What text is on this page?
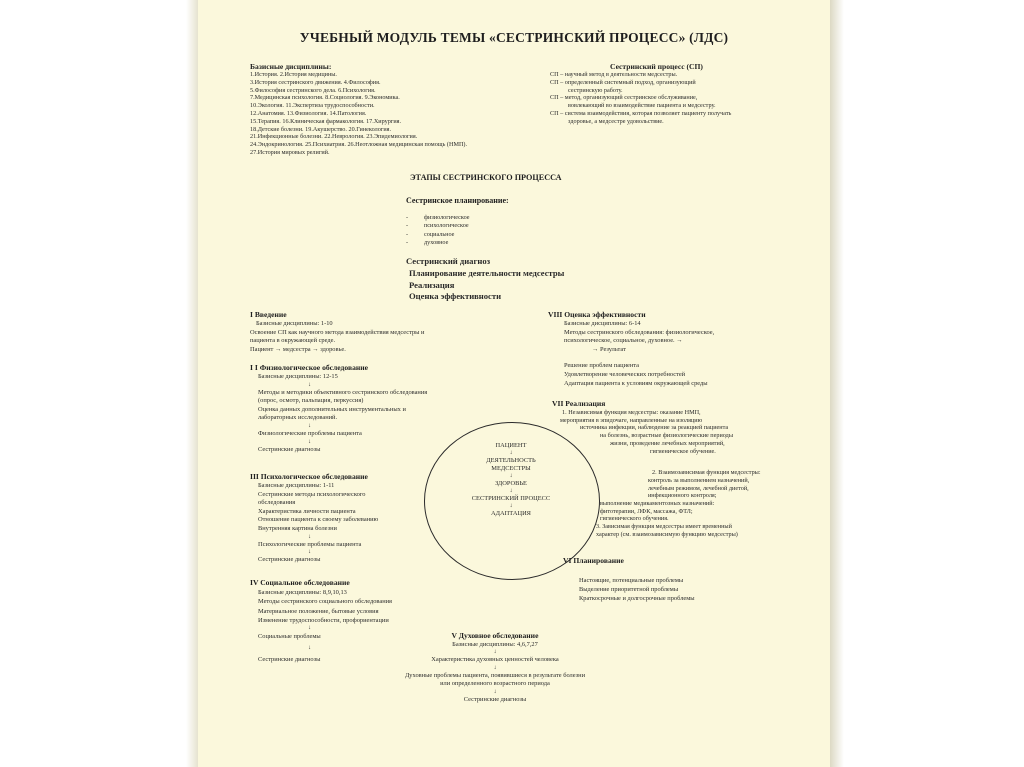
УЧЕБНЫЙ МОДУЛЬ ТЕМЫ «СЕСТРИНСКИЙ ПРОЦЕСС» (ЛДС)
Базисные дисциплины:
1.История. 2.История медицины.
3.История сестринского движения. 4.Философия.
5.Философия сестринского дела. 6.Психология.
7.Медицинская психология. 8.Социология. 9.Экономика.
10.Экология. 11.Экспертиза трудоспособности.
12.Анатомия. 13.Физиология. 14.Патология.
15.Терапия. 16.Клиническая фармакология. 17.Хирургия.
18.Детские болезни. 19.Акушерство. 20.Гинекология.
21.Инфекционные болезни. 22.Неврология. 23.Эпидемиология.
24.Эндокринология. 25.Психиатрия. 26.Неотложная медицинская помощь (НМП).
27.История мировых религий.
Сестринский процесс (СП)
СП – научный метод в деятельности медсестры.
СП – определенный системный подход, организующий
сестринскую работу.
СП – метод, организующий сестринское обслуживание,
вовлекающий во взаимодействие пациента и медсестру.
СП – система взаимодействия, которая позволяет пациенту получать
здоровье, а медсестре удовольствие.
ЭТАПЫ СЕСТРИНСКОГО ПРОЦЕССА
Сестринское планирование:
-	физиологическое
-	психологическое
-	социальное
-	духовное
Сестринский диагноз
Планирование деятельности медсестры
Реализация
Оценка эффективности
I Введение
Базисные дисциплины: 1-10
Освоение СП как научного метода взаимодействия медсестры и
пациента в окружающей среде.
Пациент → медсестра → здоровье.
I I Физиологическое обследование
Базисные дисциплины: 12-15
↓
Методы и методики объективного сестринского обследования
(опрос, осмотр, пальпация, перкуссия)
Оценка данных дополнительных инструментальных и
лабораторных исследований.
↓
Физиологические проблемы пациента
↓
Сестринские диагнозы
III Психологическое обследование
Базисные дисциплины: 1-11
Сестринские методы психологического
обследования
Характеристика личности пациента
Отношение пациента к своему заболеванию
Внутренняя картина болезни
↓
Психологические проблемы пациента
↓
Сестринские диагнозы
IV Социальное обследование
Базисные дисциплины: 8,9,10,13
Методы сестринского социального обследования
Материальное положение, бытовые условия
Изменение трудоспособности, профориентации
↓
Социальные проблемы
↓
Сестринские диагнозы
V Духовное обследование
Базисные дисциплины: 4,6,7,27
↓
Характеристика духовных ценностей человека
↓
Духовные проблемы пациента, появившиеся в результате болезни
или определенного возрастного периода
↓
Сестринские диагнозы
VIII Оценка эффективности
Базисные дисциплины: 6-14
Методы сестринского обследования: физиологическое,
психологическое, социальное, духовное. →
→ Результат
Решение проблем пациента
Удовлетворение человеческих потребностей
Адаптация пациента к условиям окружающей среды
VII Реализация
1. Независимая функция медсестры: оказание НМП,
мероприятия в эпидочаге, направленные на изоляцию
источника инфекции, наблюдение за реакцией пациента
на болезнь, возрастные физиологические периоды
жизни, проведение лечебных мероприятий,
гигиеническое обучение.
2. Взаимозависимая функция медсестры:
контроль за выполнением назначений,
лечебным режимом, лечебной диетой,
инфекционного контроля;
выполнение медикаментозных назначений:
фитотерапии, ЛФК, массажа, ФТЛ;
гигиенического обучения.
3. Зависимая функция медсестры имеет временный
характер (см. взаимозависимую функцию медсестры)
VI Планирование
Настоящие, потенциальные проблемы
Выделение приоритетной проблемы
Краткосрочные и долгосрочные проблемы
ПАЦИЕНТ
↓
ДЕЯТЕЛЬНОСТЬ
МЕДСЕСТРЫ
↓
ЗДОРОВЬЕ
↓
СЕСТРИНСКИЙ ПРОЦЕСС
↓
АДАПТАЦИЯ
